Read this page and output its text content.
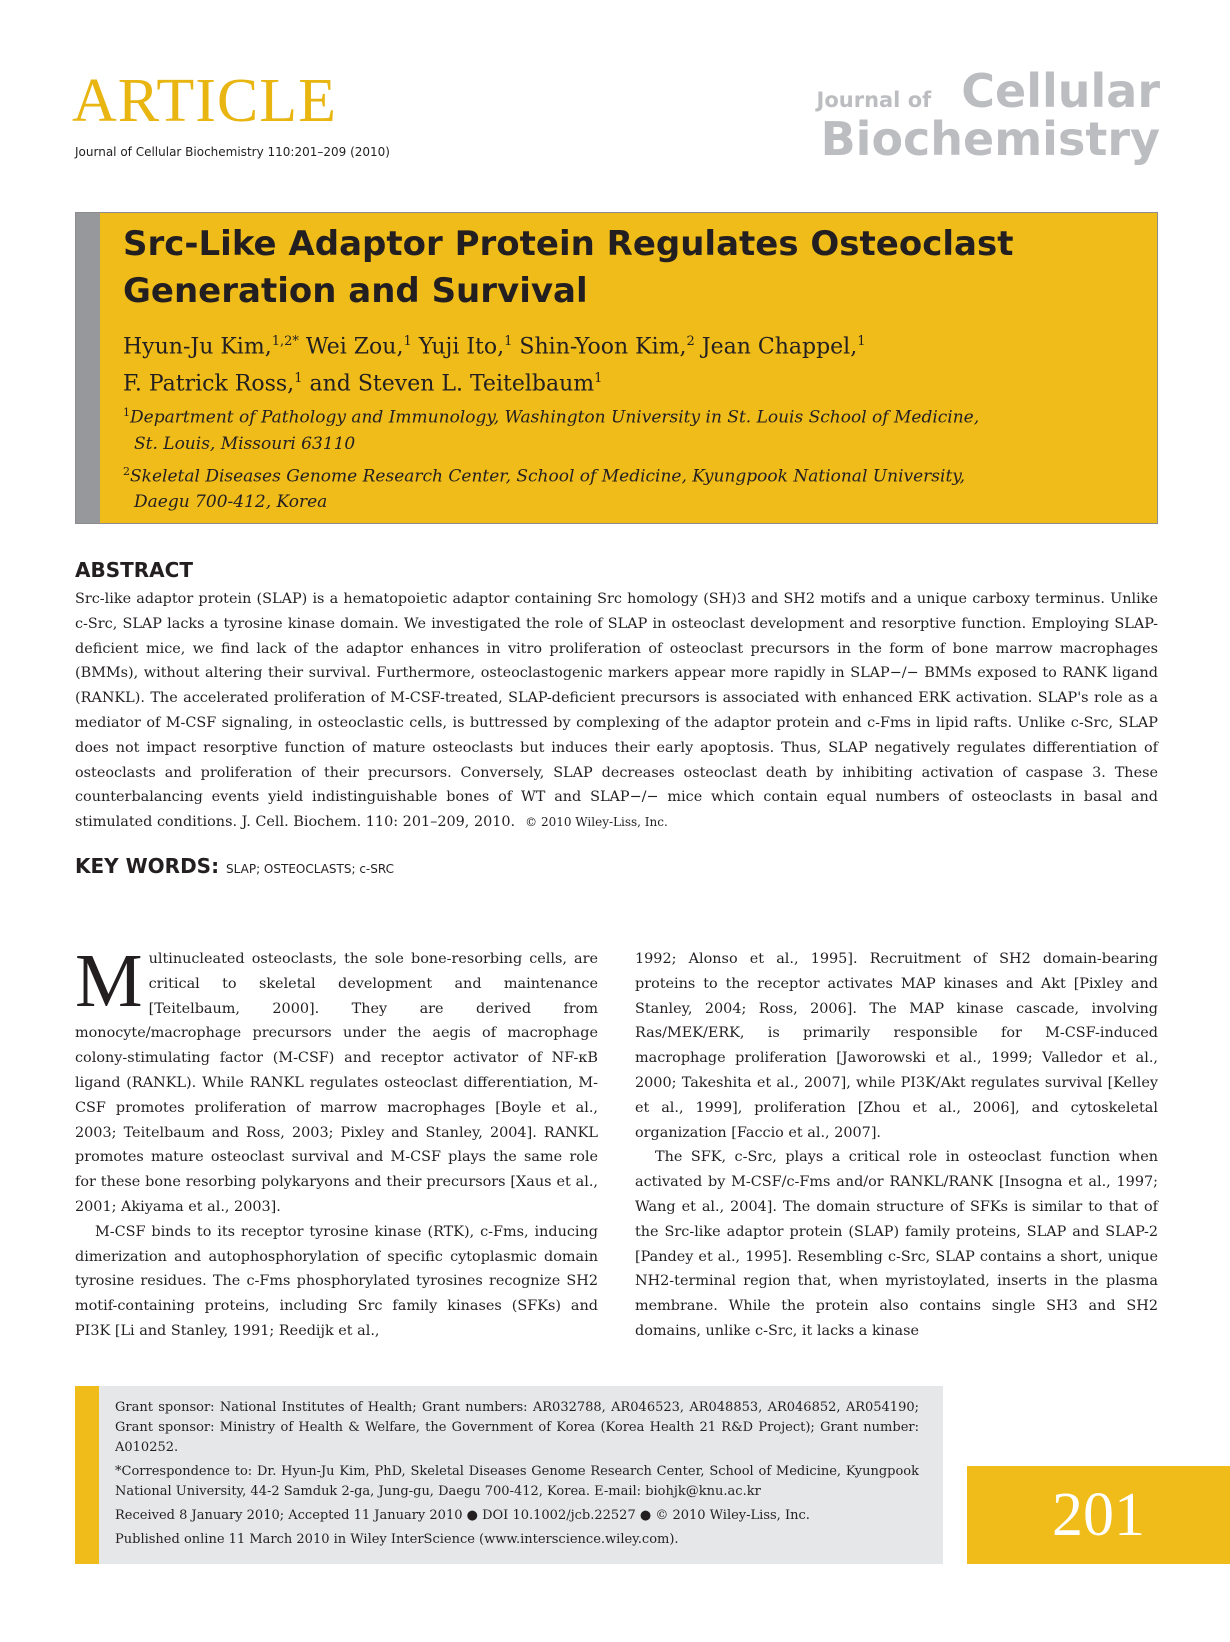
ARTICLE
Journal of Cellular Biochemistry 110:201–209 (2010)
Journal of Cellular
Biochemistry
Src-Like Adaptor Protein Regulates Osteoclast
Generation and Survival
Hyun-Ju Kim,$^{1,2*}$ Wei Zou,$^1$ Yuji Ito,$^1$ Shin-Yoon Kim,$^2$ Jean Chappel,$^1$
F. Patrick Ross,$^1$ and Steven L. Teitelbaum$^1$
$^1$Department of Pathology and Immunology, Washington University in St. Louis School of Medicine,
St. Louis, Missouri 63110
$^2$Skeletal Diseases Genome Research Center, School of Medicine, Kyungpook National University,
Daegu 700-412, Korea
ABSTRACT
Src-like adaptor protein (SLAP) is a hematopoietic adaptor containing Src homology (SH)3 and SH2 motifs and a unique carboxy terminus. Unlike c-Src, SLAP lacks a tyrosine kinase domain. We investigated the role of SLAP in osteoclast development and resorptive function. Employing SLAP-deficient mice, we find lack of the adaptor enhances in vitro proliferation of osteoclast precursors in the form of bone marrow macrophages (BMMs), without altering their survival. Furthermore, osteoclastogenic markers appear more rapidly in SLAP−/− BMMs exposed to RANK ligand (RANKL). The accelerated proliferation of M-CSF-treated, SLAP-deficient precursors is associated with enhanced ERK activation. SLAP's role as a mediator of M-CSF signaling, in osteoclastic cells, is buttressed by complexing of the adaptor protein and c-Fms in lipid rafts. Unlike c-Src, SLAP does not impact resorptive function of mature osteoclasts but induces their early apoptosis. Thus, SLAP negatively regulates differentiation of osteoclasts and proliferation of their precursors. Conversely, SLAP decreases osteoclast death by inhibiting activation of caspase 3. These counterbalancing events yield indistinguishable bones of WT and SLAP−/− mice which contain equal numbers of osteoclasts in basal and stimulated conditions. J. Cell. Biochem. 110: 201–209, 2010. © 2010 Wiley-Liss, Inc.
KEY WORDS: SLAP; OSTEOCLASTS; c-SRC

Multinucleated osteoclasts, the sole bone-resorbing cells, are critical to skeletal development and maintenance [Teitelbaum, 2000]. They are derived from monocyte/macrophage precursors under the aegis of macrophage colony-stimulating factor (M-CSF) and receptor activator of NF-κB ligand (RANKL). While RANKL regulates osteoclast differentiation, M-CSF promotes proliferation of marrow macrophages [Boyle et al., 2003; Teitelbaum and Ross, 2003; Pixley and Stanley, 2004]. RANKL promotes mature osteoclast survival and M-CSF plays the same role for these bone resorbing polykaryons and their precursors [Xaus et al., 2001; Akiyama et al., 2003].

M-CSF binds to its receptor tyrosine kinase (RTK), c-Fms, inducing dimerization and autophosphorylation of specific cytoplasmic domain tyrosine residues. The c-Fms phosphorylated tyrosines recognize SH2 motif-containing proteins, including Src family kinases (SFKs) and PI3K [Li and Stanley, 1991; Reedijk et al.,

1992; Alonso et al., 1995]. Recruitment of SH2 domain-bearing proteins to the receptor activates MAP kinases and Akt [Pixley and Stanley, 2004; Ross, 2006]. The MAP kinase cascade, involving Ras/MEK/ERK, is primarily responsible for M-CSF-induced macrophage proliferation [Jaworowski et al., 1999; Valledor et al., 2000; Takeshita et al., 2007], while PI3K/Akt regulates survival [Kelley et al., 1999], proliferation [Zhou et al., 2006], and cytoskeletal organization [Faccio et al., 2007].

The SFK, c-Src, plays a critical role in osteoclast function when activated by M-CSF/c-Fms and/or RANKL/RANK [Insogna et al., 1997; Wang et al., 2004]. The domain structure of SFKs is similar to that of the Src-like adaptor protein (SLAP) family proteins, SLAP and SLAP-2 [Pandey et al., 1995]. Resembling c-Src, SLAP contains a short, unique NH2-terminal region that, when myristoylated, inserts in the plasma membrane. While the protein also contains single SH3 and SH2 domains, unlike c-Src, it lacks a kinase

Grant sponsor: National Institutes of Health; Grant numbers: AR032788, AR046523, AR048853, AR046852, AR054190; Grant sponsor: Ministry of Health & Welfare, the Government of Korea (Korea Health 21 R&D Project); Grant number: A010252.

*Correspondence to: Dr. Hyun-Ju Kim, PhD, Skeletal Diseases Genome Research Center, School of Medicine, Kyungpook National University, 44-2 Samduk 2-ga, Jung-gu, Daegu 700-412, Korea. E-mail: biohjk@knu.ac.kr

Received 8 January 2010; Accepted 11 January 2010 ● DOI 10.1002/jcb.22527 ● © 2010 Wiley-Liss, Inc.

Published online 11 March 2010 in Wiley InterScience (www.interscience.wiley.com).	201
